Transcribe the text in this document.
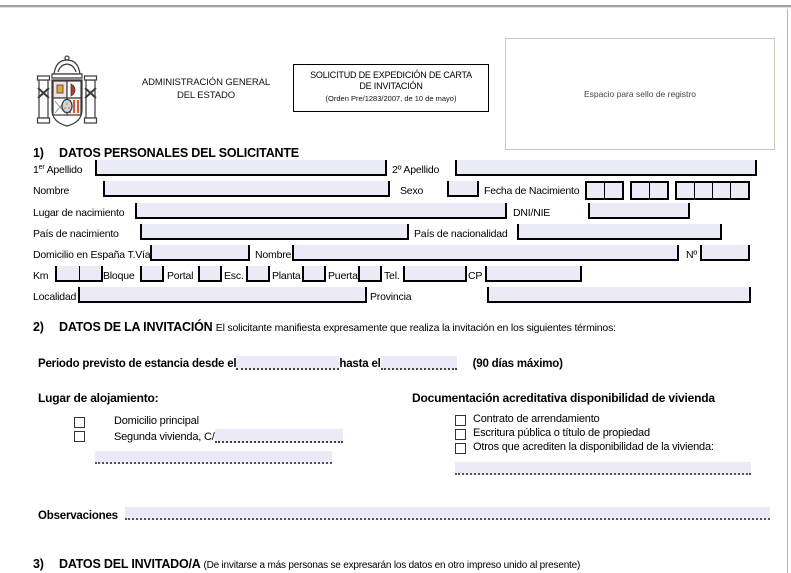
ADMINISTRACIÓN GENERAL
DEL ESTADO
SOLICITUD DE EXPEDICIÓN DE CARTA
DE INVITACIÓN
(Orden Pre/1283/2007, de 10 de mayo)	Espacio para sello de registro
1) DATOS PERSONALES DEL SOLICITANTE
1er Apellido	2º Apellido
Nombre	Sexo	Fecha de Nacimiento
Lugar de nacimiento	DNI/NIE
País de nacimiento	País de nacionalidad
Domicilio en España T.Vía	Nombre	Nº
Km	Bloque	Portal	Esc.	Planta	Puerta	Tel.	CP
Localidad	Provincia
2) DATOS DE LA INVITACIÓN El solicitante manifiesta expresamente que realiza la invitación en los siguientes términos:
Periodo previsto de estancia desde el	hasta el	(90 días máximo)
Lugar de alojamiento:	Documentación acreditativa disponibilidad de vivienda
Domicilio principal
Segunda vivienda, C/
Contrato de arrendamiento
Escritura pública o título de propiedad
Otros que acrediten la disponibilidad de la vivienda:
Observaciones
3) DATOS DEL INVITADO/A (De invitarse a más personas se expresarán los datos en otro impreso unido al presente)
